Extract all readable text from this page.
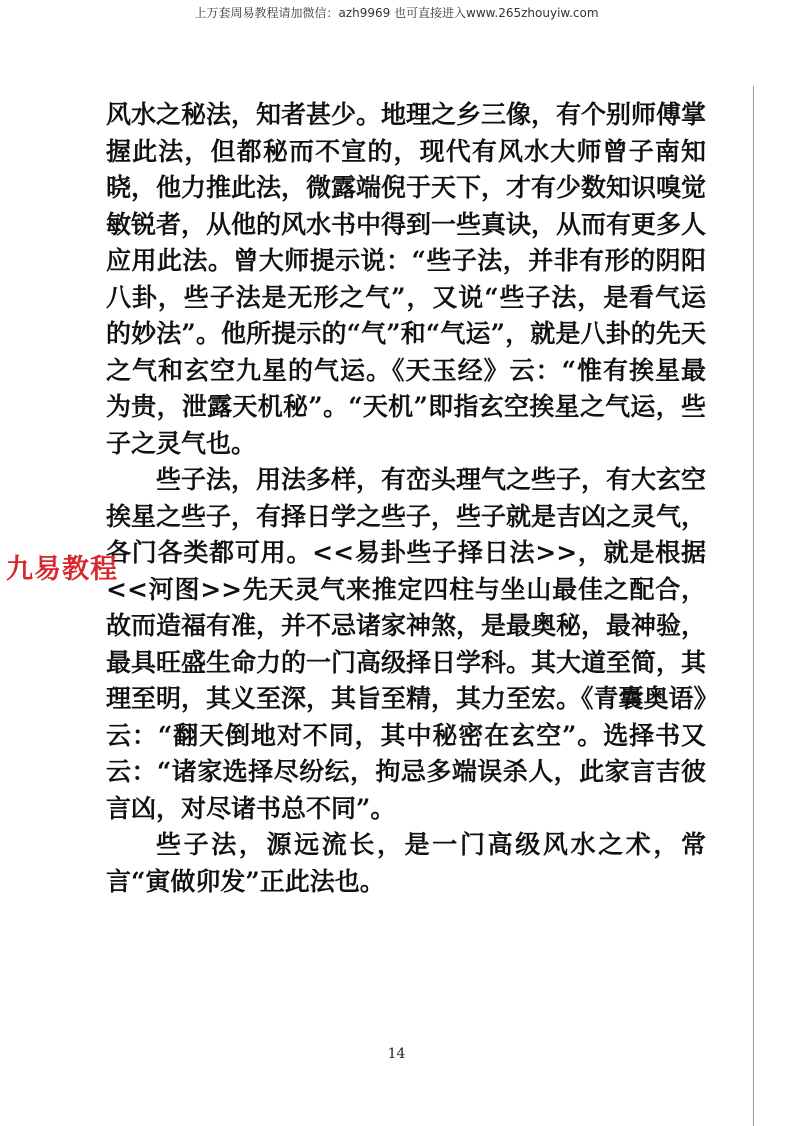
上万套周易教程请加微信：azh9969 也可直接进入www.265zhouyiw.com

风水之秘法，知者甚少。地理之乡三像，有个别师傅掌握此法，但都秘而不宣的，现代有风水大师曾子南知晓，他力推此法，微露端倪于天下，才有少数知识嗅觉敏锐者，从他的风水书中得到一些真诀，从而有更多人应用此法。曾大师提示说：“些子法，并非有形的阴阳八卦，些子法是无形之气”，又说“些子法，是看气运的妙法”。他所提示的“气”和“气运”，就是八卦的先天之气和玄空九星的气运。《天玉经》云：“惟有挨星最为贵，泄露天机秘”。“天机”即指玄空挨星之气运，些子之灵气也。

些子法，用法多样，有峦头理气之些子，有大玄空挨星之些子，有择日学之些子，些子就是吉凶之灵气，各门各类都可用。<<易卦些子择日法>>，就是根据<<河图>>先天灵气来推定四柱与坐山最佳之配合，故而造福有准，并不忌诸家神煞，是最奥秘，最神验，最具旺盛生命力的一门高级择日学科。其大道至简，其理至明，其义至深，其旨至精，其力至宏。《青囊奥语》云：“翻天倒地对不同，其中秘密在玄空”。选择书又云：“诸家选择尽纷纭，拘忌多端误杀人，此家言吉彼言凶，对尽诸书总不同”。

些子法，源远流长，是一门高级风水之术，常言“寅做卯发”正此法也。

九易教程
14
